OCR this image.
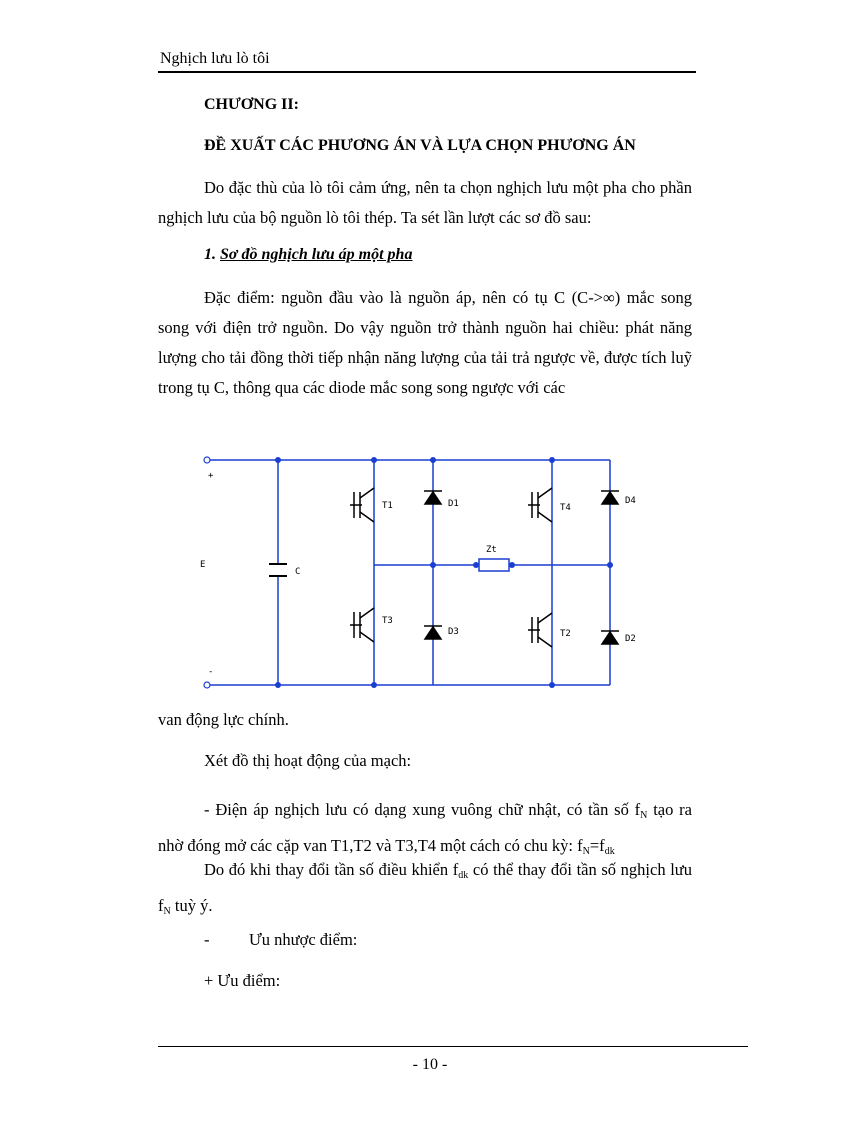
Nghịch lưu lò tôi
CHƯƠNG II:
ĐỀ XUẤT CÁC PHƯƠNG ÁN VÀ LỰA CHỌN PHƯƠNG ÁN
Do đặc thù của lò tôi cảm ứng, nên ta chọn nghịch lưu một pha cho phần nghịch lưu của bộ nguồn lò tôi thép. Ta sét lần lượt các sơ đồ sau:
1. Sơ đồ nghịch lưu áp một pha
Đặc điểm: nguồn đầu vào là nguồn áp, nên có tụ C (C->∞) mắc song song với điện trở nguồn. Do vậy nguồn trở thành nguồn hai chiều: phát năng lượng cho tải đồng thời tiếp nhận năng lượng của tải trả ngược về, được tích luỹ trong tụ C, thông qua các diode mắc song song ngược với các
+
-
E
C
T1
T3
T4
T2
D1
D3
D4
D2
Zt
van động lực chính.
Xét đồ thị hoạt động của mạch:
- Điện áp nghịch lưu có dạng xung vuông chữ nhật, có tần số $f_N$ tạo ra nhờ đóng mở các cặp van T1,T2 và T3,T4 một cách có chu kỳ: $f_N=f_{dk}$
Do đó khi thay đổi tần số điều khiển $f_{dk}$ có thể thay đổi tần số nghịch lưu $f_N$ tuỳ ý.
- Ưu nhược điểm:
+ Ưu điểm:
- 10 -
